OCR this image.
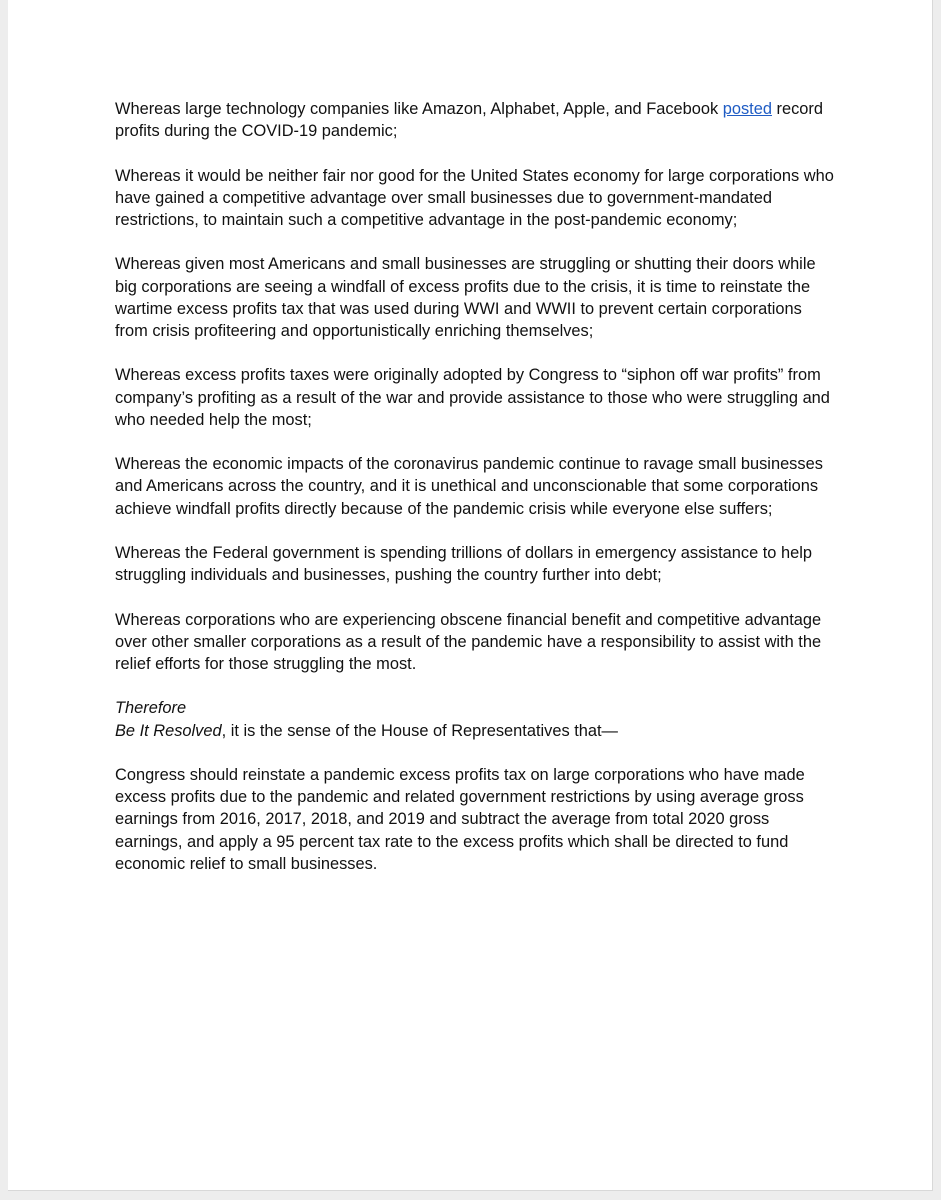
Whereas large technology companies like Amazon, Alphabet, Apple, and Facebook posted record profits during the COVID-19 pandemic;

Whereas it would be neither fair nor good for the United States economy for large corporations who have gained a competitive advantage over small businesses due to government-mandated restrictions, to maintain such a competitive advantage in the post-pandemic economy;

Whereas given most Americans and small businesses are struggling or shutting their doors while big corporations are seeing a windfall of excess profits due to the crisis, it is time to reinstate the wartime excess profits tax that was used during WWI and WWII to prevent certain corporations from crisis profiteering and opportunistically enriching themselves;

Whereas excess profits taxes were originally adopted by Congress to “siphon off war profits” from company’s profiting as a result of the war and provide assistance to those who were struggling and who needed help the most;

Whereas the economic impacts of the coronavirus pandemic continue to ravage small businesses and Americans across the country, and it is unethical and unconscionable that some corporations achieve windfall profits directly because of the pandemic crisis while everyone else suffers;

Whereas the Federal government is spending trillions of dollars in emergency assistance to help struggling individuals and businesses, pushing the country further into debt;

Whereas corporations who are experiencing obscene financial benefit and competitive advantage over other smaller corporations as a result of the pandemic have a responsibility to assist with the relief efforts for those struggling the most.

Therefore
Be It Resolved, it is the sense of the House of Representatives that—

Congress should reinstate a pandemic excess profits tax on large corporations who have made excess profits due to the pandemic and related government restrictions by using average gross earnings from 2016, 2017, 2018, and 2019 and subtract the average from total 2020 gross earnings, and apply a 95 percent tax rate to the excess profits which shall be directed to fund economic relief to small businesses.
